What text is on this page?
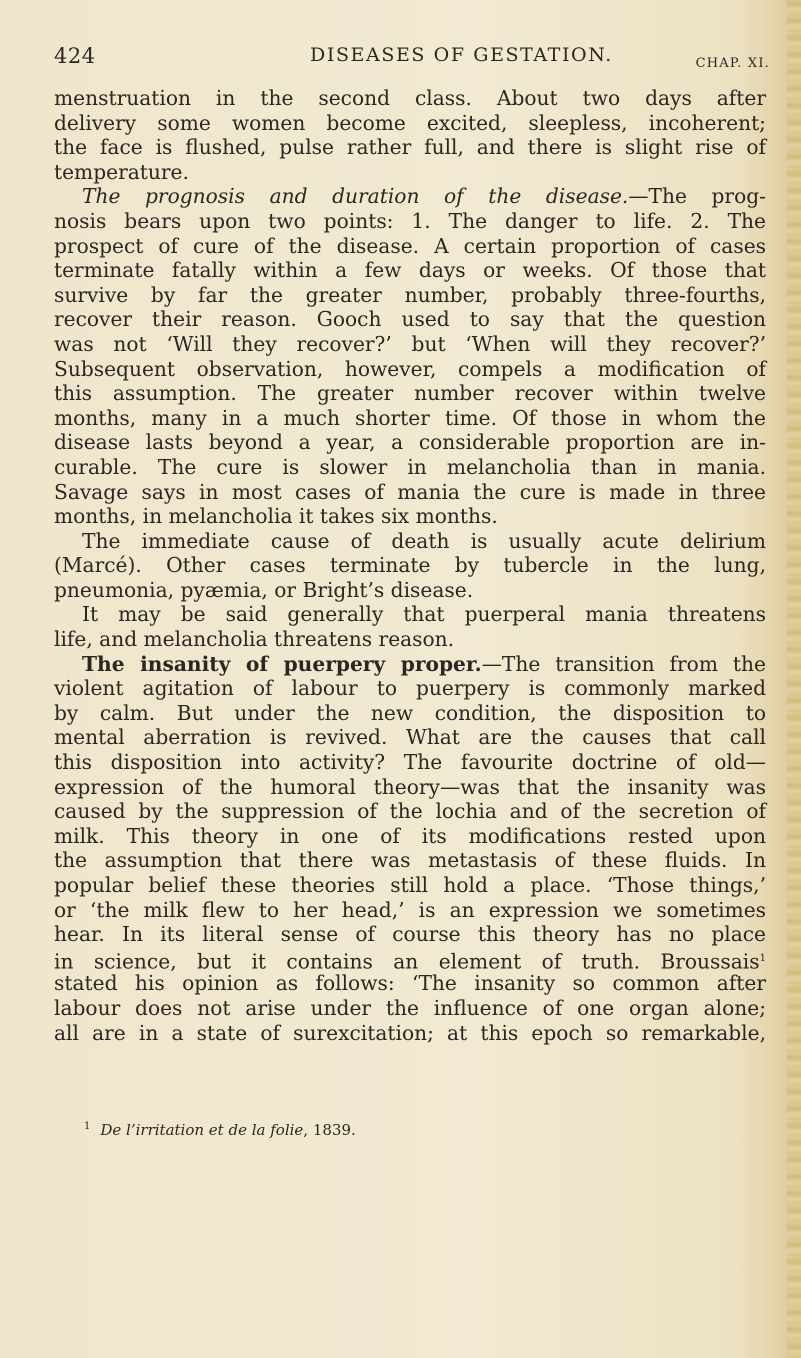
424	DISEASES OF GESTATION.	CHAP. XI.
menstruation in the second class. About two days after
delivery some women become excited, sleepless, incoherent;
the face is flushed, pulse rather full, and there is slight rise of
temperature.
The prognosis and duration of the disease.—The prog-
nosis bears upon two points: 1. The danger to life. 2. The
prospect of cure of the disease. A certain proportion of cases
terminate fatally within a few days or weeks. Of those that
survive by far the greater number, probably three-fourths,
recover their reason. Gooch used to say that the question
was not ‘Will they recover?’ but ‘When will they recover?’
Subsequent observation, however, compels a modification of
this assumption. The greater number recover within twelve
months, many in a much shorter time. Of those in whom the
disease lasts beyond a year, a considerable proportion are in-
curable. The cure is slower in melancholia than in mania.
Savage says in most cases of mania the cure is made in three
months, in melancholia it takes six months.
The immediate cause of death is usually acute delirium
(Marcé). Other cases terminate by tubercle in the lung,
pneumonia, pyæmia, or Bright’s disease.
It may be said generally that puerperal mania threatens
life, and melancholia threatens reason.
The insanity of puerpery proper.—The transition from the
violent agitation of labour to puerpery is commonly marked
by calm. But under the new condition, the disposition to
mental aberration is revived. What are the causes that call
this disposition into activity? The favourite doctrine of old—
expression of the humoral theory—was that the insanity was
caused by the suppression of the lochia and of the secretion of
milk. This theory in one of its modifications rested upon
the assumption that there was metastasis of these fluids. In
popular belief these theories still hold a place. ‘Those things,’
or ‘the milk flew to her head,’ is an expression we sometimes
hear. In its literal sense of course this theory has no place
in science, but it contains an element of truth. Broussais$^1$
stated his opinion as follows: ‘The insanity so common after
labour does not arise under the influence of one organ alone;
all are in a state of surexcitation; at this epoch so remarkable,
$^1$ De l’irritation et de la folie, 1839.
